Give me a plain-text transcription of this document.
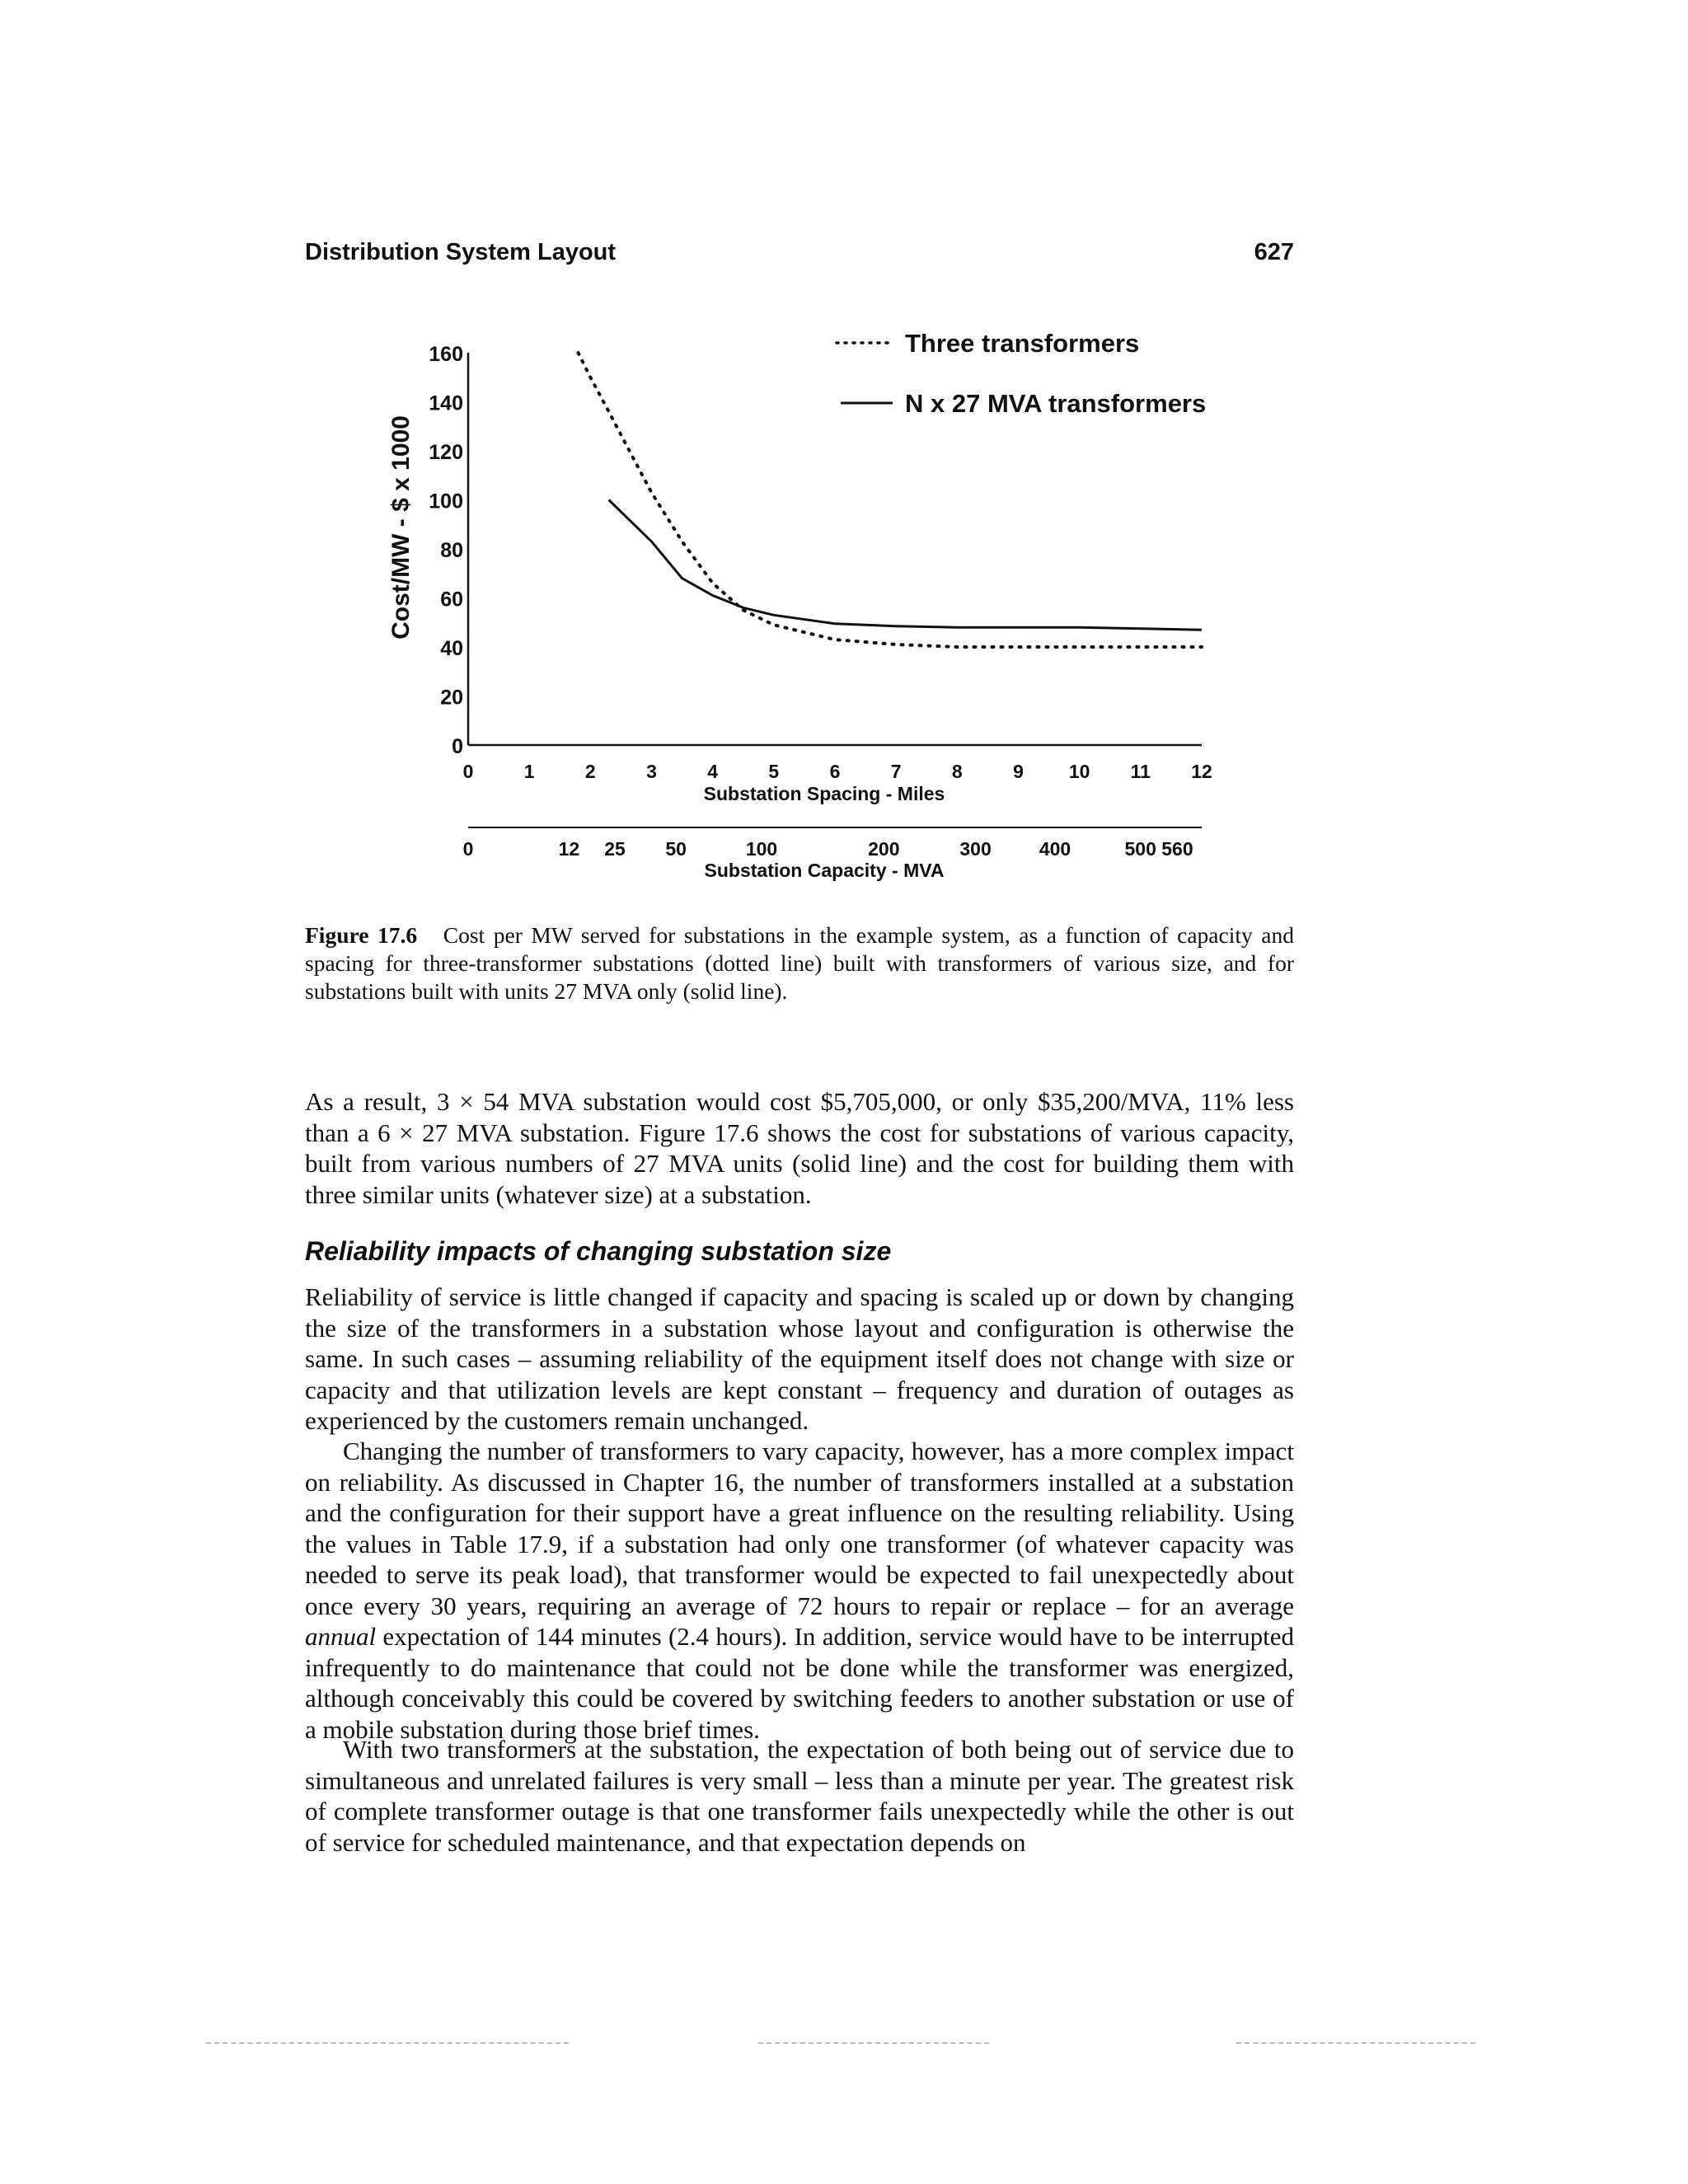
Distribution System Layout	627
160
140
120
100
80
60
40
20
0
0	1	2	3	4	5	6	7	8	9 10 11 12
0	12 25 50	100	200	300	400	500 560
Cost/MW - $ x 1000
Substation Spacing - Miles
Substation Capacity - MVA
Three transformers
N x 27 MVA transformers
Figure 17.6 Cost per MW served for substations in the example system, as a function of capacity and spacing for three-transformer substations (dotted line) built with transformers of various size, and for substations built with units 27 MVA only (solid line).

As a result, 3 × 54 MVA substation would cost $5,705,000, or only $35,200/MVA, 11% less than a 6 × 27 MVA substation. Figure 17.6 shows the cost for substations of various capacity, built from various numbers of 27 MVA units (solid line) and the cost for building them with three similar units (whatever size) at a substation.

Reliability impacts of changing substation size

Reliability of service is little changed if capacity and spacing is scaled up or down by changing the size of the transformers in a substation whose layout and configuration is otherwise the same. In such cases – assuming reliability of the equipment itself does not change with size or capacity and that utilization levels are kept constant – frequency and duration of outages as experienced by the customers remain unchanged.

Changing the number of transformers to vary capacity, however, has a more complex impact on reliability. As discussed in Chapter 16, the number of transformers installed at a substation and the configuration for their support have a great influence on the resulting reliability. Using the values in Table 17.9, if a substation had only one transformer (of whatever capacity was needed to serve its peak load), that transformer would be expected to fail unexpectedly about once every 30 years, requiring an average of 72 hours to repair or replace – for an average annual expectation of 144 minutes (2.4 hours). In addition, service would have to be interrupted infrequently to do maintenance that could not be done while the transformer was energized, although conceivably this could be covered by switching feeders to another substation or use of a mobile substation during those brief times.

With two transformers at the substation, the expectation of both being out of service due to simultaneous and unrelated failures is very small – less than a minute per year. The greatest risk of complete transformer outage is that one transformer fails unexpectedly while the other is out of service for scheduled maintenance, and that expectation depends on
